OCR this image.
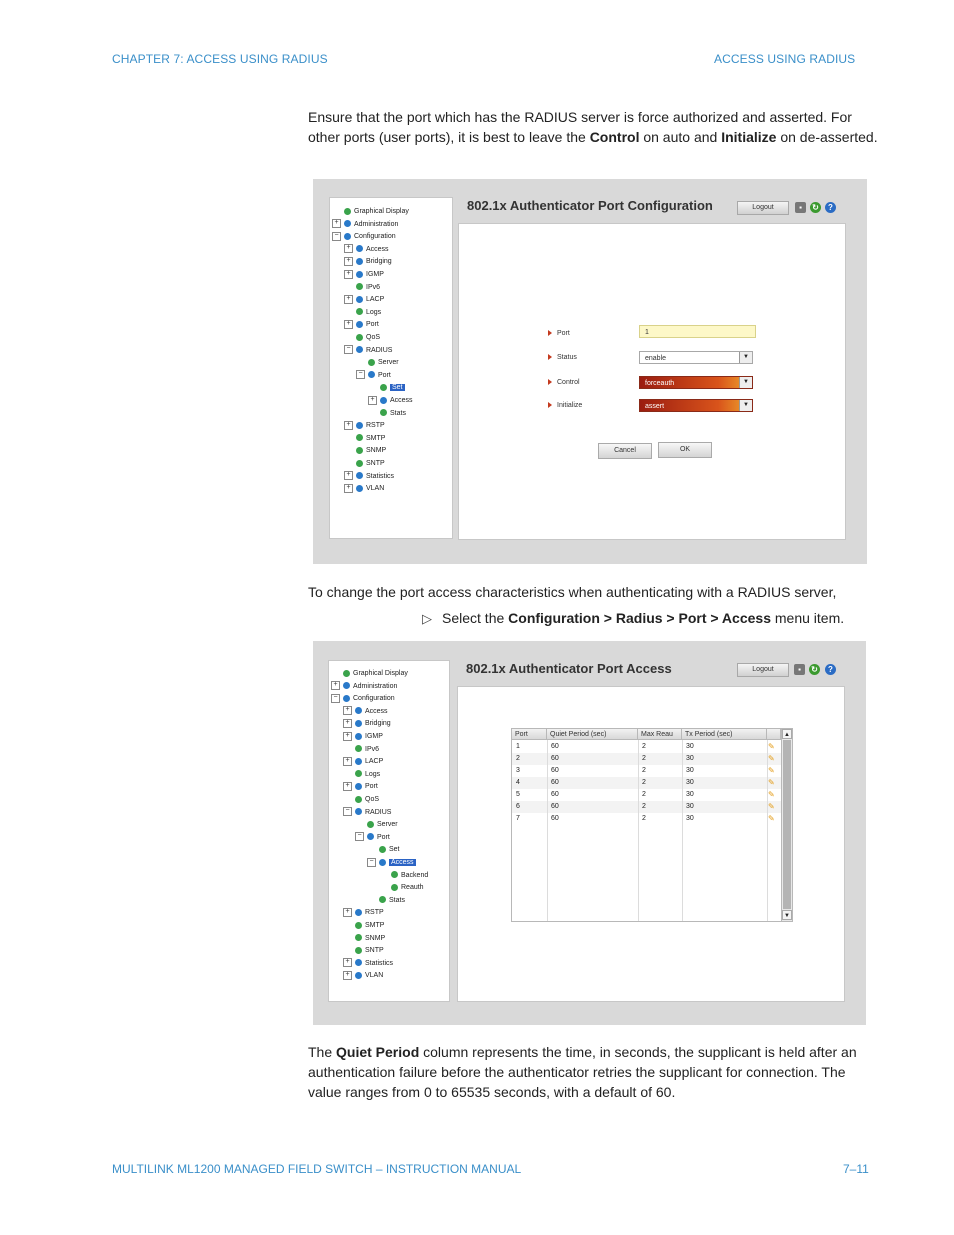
CHAPTER 7: ACCESS USING RADIUS	ACCESS USING RADIUS
Ensure that the port which has the RADIUS server is force authorized and asserted. For other ports (user ports), it is best to leave the Control on auto and Initialize on de-asserted.
Graphical Display
+ Administration
− Configuration
+ Access
+ Bridging
+ IGMP
IPv6
+ LACP
Logs
+ Port
QoS
− RADIUS
Server
− Port
Set
+ Access
Stats
+ RSTP
SMTP
SNMP
SNTP
+ Statistics
+ VLAN
802.1x Authenticator Port Configuration	Logout	▪	↻	?
Port	1
Status	enable	▼
Control	forceauth	▼
Initialize	assert	▼
Cancel	OK
To change the port access characteristics when authenticating with a RADIUS server,
▷ Select the Configuration > Radius > Port > Access menu item.
Graphical Display
+ Administration
− Configuration
+ Access
+ Bridging
+ IGMP
IPv6
+ LACP
Logs
+ Port
QoS
− RADIUS
Server
− Port
Set
− Access
Backend
Reauth
Stats
+ RSTP
SMTP
SNMP
SNTP
+ Statistics
+ VLAN
802.1x Authenticator Port Access	Logout	▪	↻	?
Port	Quiet Period (sec)	Max Reau	Tx Period (sec)
1	60	2	30	✎
2	60	2	30	✎
3	60	2	30	✎
4	60	2	30	✎
5	60	2	30	✎
6	60	2	30	✎
7	60	2	30	✎
▲
▼
The Quiet Period column represents the time, in seconds, the supplicant is held after an authentication failure before the authenticator retries the supplicant for connection. The value ranges from 0 to 65535 seconds, with a default of 60.
MULTILINK ML1200 MANAGED FIELD SWITCH – INSTRUCTION MANUAL	7–11
